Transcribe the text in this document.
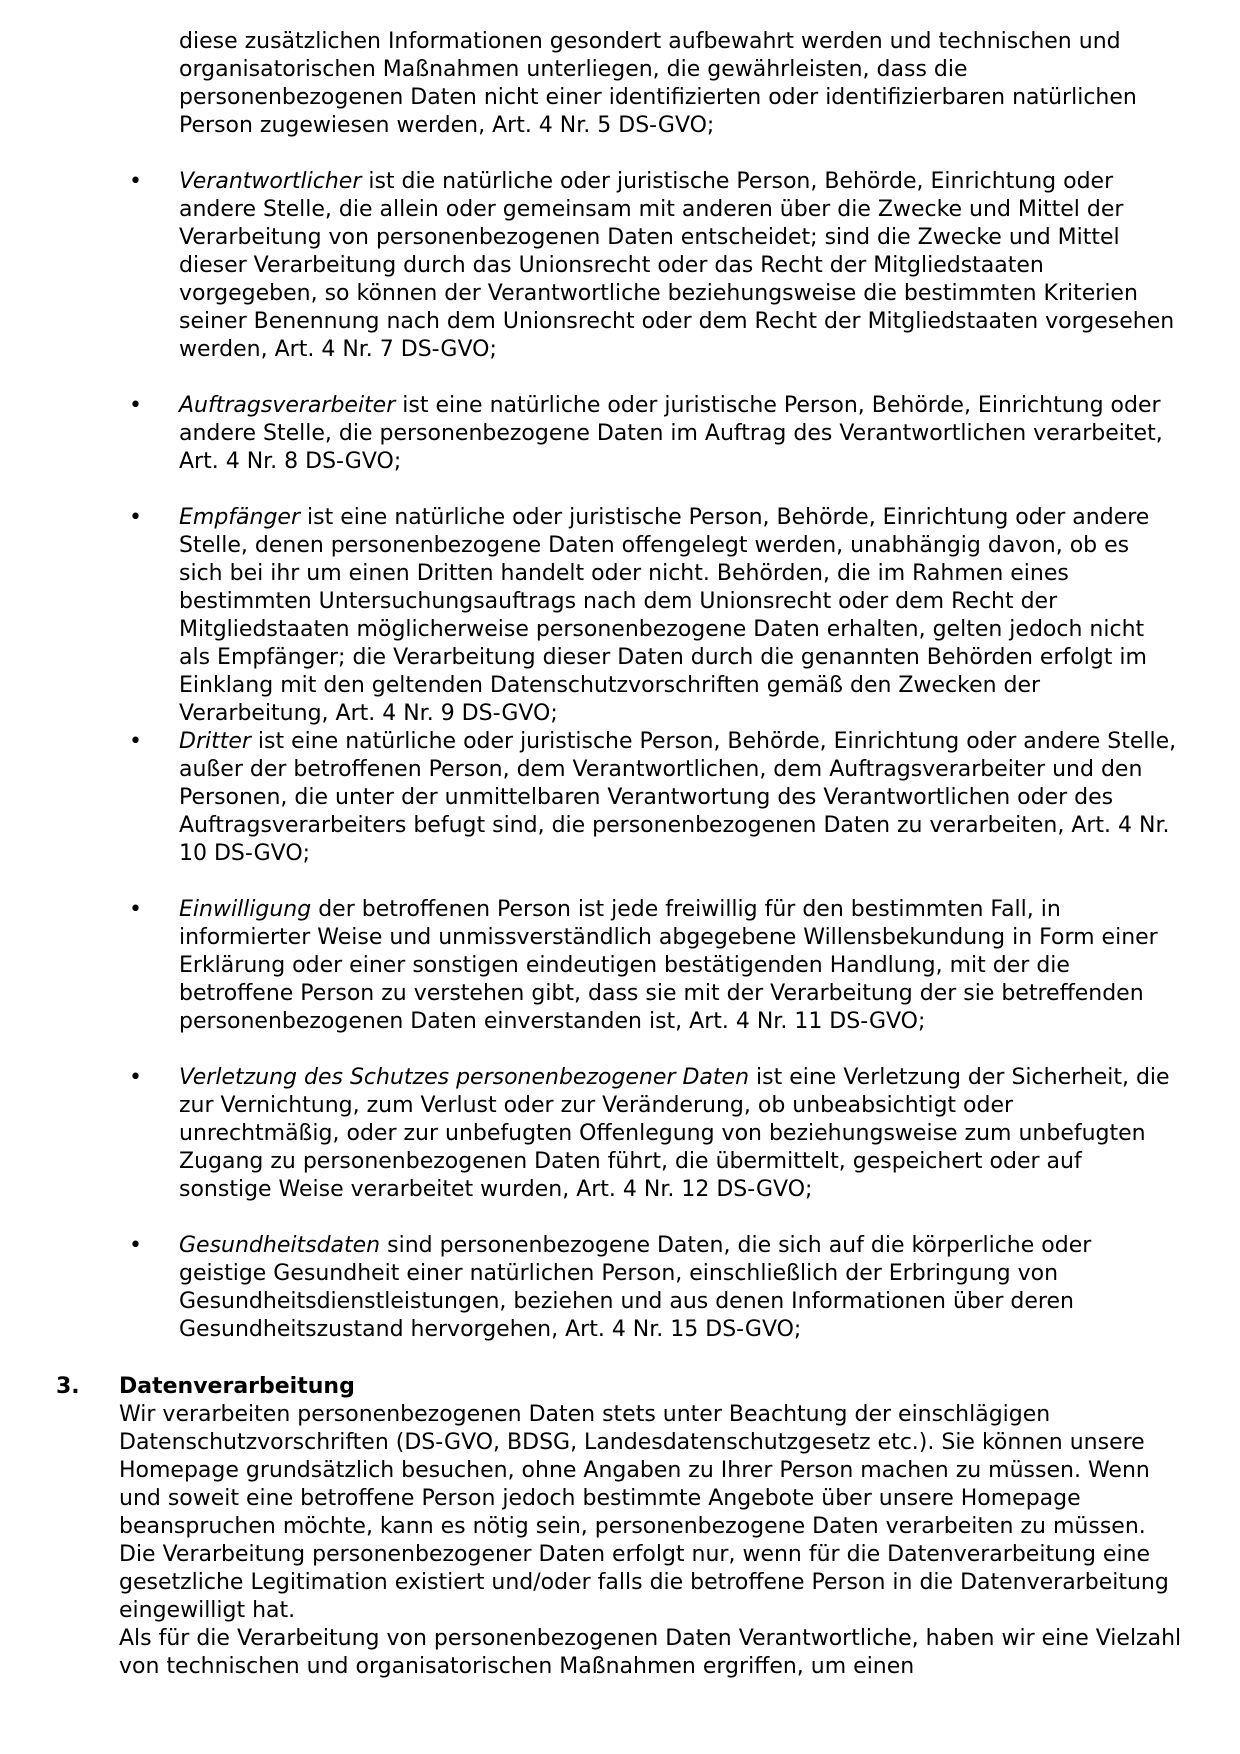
diese zusätzlichen Informationen gesondert aufbewahrt werden und technischen und organisatorischen Maßnahmen unterliegen, die gewährleisten, dass die personenbezogenen Daten nicht einer identifizierten oder identifizierbaren natürlichen Person zugewiesen werden, Art. 4 Nr. 5 DS-GVO;
• Verantwortlicher ist die natürliche oder juristische Person, Behörde, Einrichtung oder andere Stelle, die allein oder gemeinsam mit anderen über die Zwecke und Mittel der Verarbeitung von personenbezogenen Daten entscheidet; sind die Zwecke und Mittel dieser Verarbeitung durch das Unionsrecht oder das Recht der Mitgliedstaaten vorgegeben, so können der Verantwortliche beziehungsweise die bestimmten Kriterien seiner Benennung nach dem Unionsrecht oder dem Recht der Mitgliedstaaten vorgesehen werden, Art. 4 Nr. 7 DS-GVO;
• Auftragsverarbeiter ist eine natürliche oder juristische Person, Behörde, Einrichtung oder andere Stelle, die personenbezogene Daten im Auftrag des Verantwortlichen verarbeitet, Art. 4 Nr. 8 DS-GVO;
• Empfänger ist eine natürliche oder juristische Person, Behörde, Einrichtung oder andere Stelle, denen personenbezogene Daten offengelegt werden, unabhängig davon, ob es sich bei ihr um einen Dritten handelt oder nicht. Behörden, die im Rahmen eines bestimmten Untersuchungsauftrags nach dem Unionsrecht oder dem Recht der Mitgliedstaaten möglicherweise personenbezogene Daten erhalten, gelten jedoch nicht als Empfänger; die Verarbeitung dieser Daten durch die genannten Behörden erfolgt im Einklang mit den geltenden Datenschutzvorschriften gemäß den Zwecken der Verarbeitung, Art. 4 Nr. 9 DS-GVO;
• Dritter ist eine natürliche oder juristische Person, Behörde, Einrichtung oder andere Stelle, außer der betroffenen Person, dem Verantwortlichen, dem Auftragsverarbeiter und den Personen, die unter der unmittelbaren Verantwortung des Verantwortlichen oder des Auftragsverarbeiters befugt sind, die personenbezogenen Daten zu verarbeiten, Art. 4 Nr. 10 DS-GVO;
• Einwilligung der betroffenen Person ist jede freiwillig für den bestimmten Fall, in informierter Weise und unmissverständlich abgegebene Willensbekundung in Form einer Erklärung oder einer sonstigen eindeutigen bestätigenden Handlung, mit der die betroffene Person zu verstehen gibt, dass sie mit der Verarbeitung der sie betreffenden personenbezogenen Daten einverstanden ist, Art. 4 Nr. 11 DS-GVO;
• Verletzung des Schutzes personenbezogener Daten ist eine Verletzung der Sicherheit, die zur Vernichtung, zum Verlust oder zur Veränderung, ob unbeabsichtigt oder unrechtmäßig, oder zur unbefugten Offenlegung von beziehungsweise zum unbefugten Zugang zu personenbezogenen Daten führt, die übermittelt, gespeichert oder auf sonstige Weise verarbeitet wurden, Art. 4 Nr. 12 DS-GVO;
• Gesundheitsdaten sind personenbezogene Daten, die sich auf die körperliche oder geistige Gesundheit einer natürlichen Person, einschließlich der Erbringung von Gesundheitsdienstleistungen, beziehen und aus denen Informationen über deren Gesundheitszustand hervorgehen, Art. 4 Nr. 15 DS-GVO;
3. Datenverarbeitung

Wir verarbeiten personenbezogenen Daten stets unter Beachtung der einschlägigen Datenschutzvorschriften (DS-GVO, BDSG, Landesdatenschutzgesetz etc.). Sie können unsere Homepage grundsätzlich besuchen, ohne Angaben zu Ihrer Person machen zu müssen. Wenn und soweit eine betroffene Person jedoch bestimmte Angebote über unsere Homepage beanspruchen möchte, kann es nötig sein, personenbezogene Daten verarbeiten zu müssen.

Die Verarbeitung personenbezogener Daten erfolgt nur, wenn für die Datenverarbeitung eine gesetzliche Legitimation existiert und/oder falls die betroffene Person in die Datenverarbeitung eingewilligt hat.

Als für die Verarbeitung von personenbezogenen Daten Verantwortliche, haben wir eine Vielzahl von technischen und organisatorischen Maßnahmen ergriffen, um einen
